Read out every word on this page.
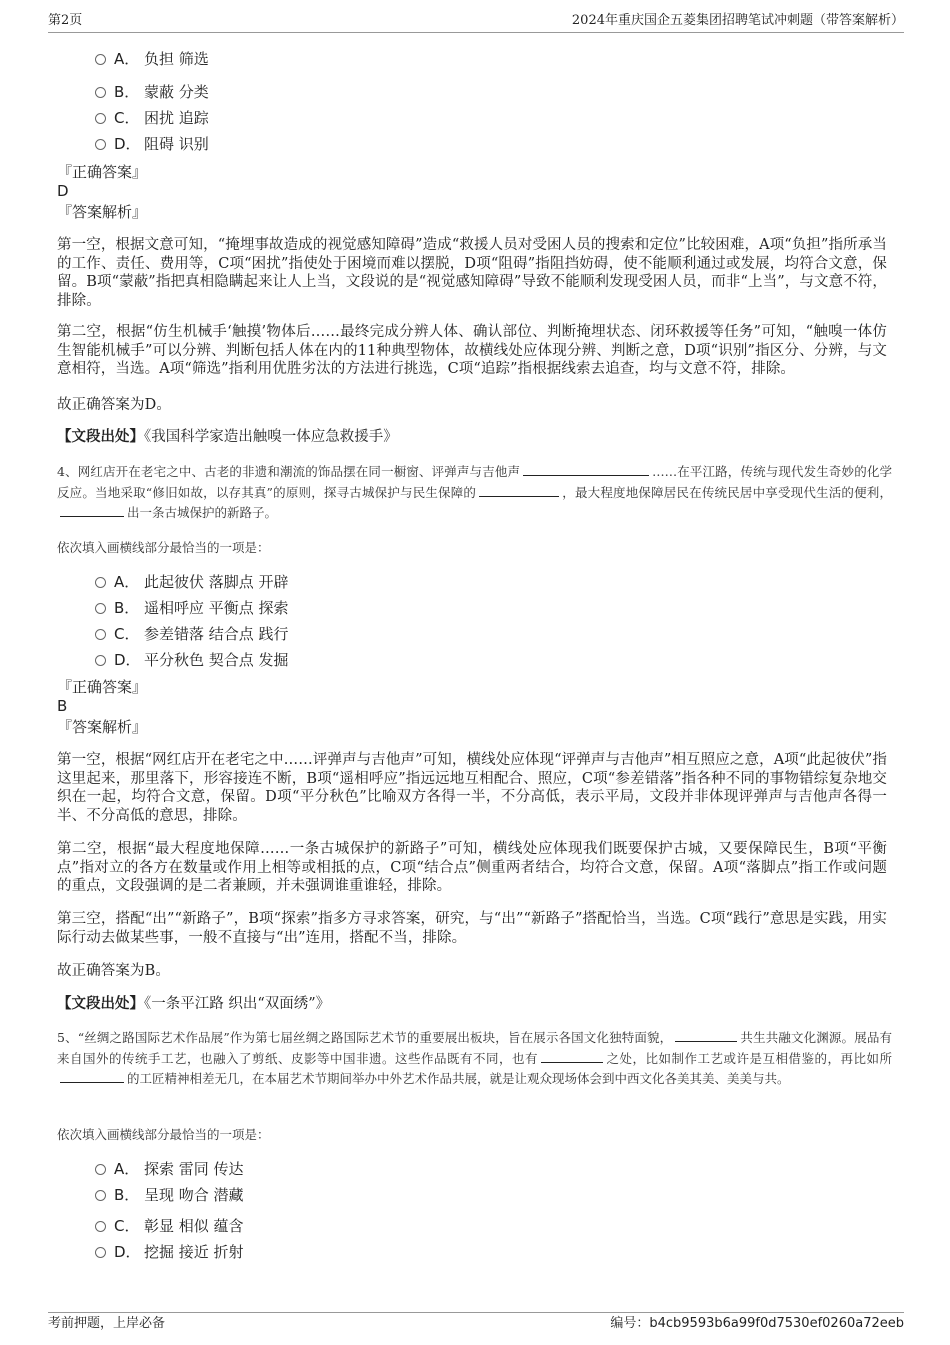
第2页	2024年重庆国企五菱集团招聘笔试冲刺题（带答案解析）
A． 负担 筛选
B． 蒙蔽 分类
C． 困扰 追踪
D． 阻碍 识别
『正确答案』
D
『答案解析』
第一空，根据文意可知，“掩埋事故造成的视觉感知障碍”造成“救援人员对受困人员的搜索和定位”比较困难，A项“负担”指所承当的工作、责任、费用等，C项“困扰”指使处于困境而难以摆脱，D项“阻碍”指阻挡妨碍，使不能顺利通过或发展，均符合文意，保留。B项“蒙蔽”指把真相隐瞒起来让人上当，文段说的是“视觉感知障碍”导致不能顺利发现受困人员，而非“上当”，与文意不符，排除。
第二空，根据“仿生机械手‘触摸’物体后……最终完成分辨人体、确认部位、判断掩埋状态、闭环救援等任务”可知，“触嗅一体仿生智能机械手”可以分辨、判断包括人体在内的11种典型物体，故横线处应体现分辨、判断之意，D项“识别”指区分、分辨，与文意相符，当选。A项“筛选”指利用优胜劣汰的方法进行挑选，C项“追踪”指根据线索去追查，均与文意不符，排除。
故正确答案为D。
【文段出处】《我国科学家造出触嗅一体应急救援手》
4、网红店开在老宅之中、古老的非遗和潮流的饰品摆在同一橱窗、评弹声与吉他声	……在平江路，传统与现代发生奇妙的化学反应。当地采取“修旧如故，以存其真”的原则，探寻古城保护与民生保障的	，最大程度地保障居民在传统民居中享受现代生活的便利，出一条古城保护的新路子。
依次填入画横线部分最恰当的一项是：
A． 此起彼伏 落脚点 开辟
B． 遥相呼应 平衡点 探索
C． 参差错落 结合点 践行
D． 平分秋色 契合点 发掘
『正确答案』
B
『答案解析』
第一空，根据“网红店开在老宅之中……评弹声与吉他声”可知，横线处应体现“评弹声与吉他声”相互照应之意，A项“此起彼伏”指这里起来，那里落下，形容接连不断，B项“遥相呼应”指远远地互相配合、照应，C项“参差错落”指各种不同的事物错综复杂地交织在一起，均符合文意，保留。D项“平分秋色”比喻双方各得一半，不分高低，表示平局，文段并非体现评弹声与吉他声各得一半、不分高低的意思，排除。
第二空，根据“最大程度地保障……一条古城保护的新路子”可知，横线处应体现我们既要保护古城，又要保障民生，B项“平衡点”指对立的各方在数量或作用上相等或相抵的点，C项“结合点”侧重两者结合，均符合文意，保留。A项“落脚点”指工作或问题的重点，文段强调的是二者兼顾，并未强调谁重谁轻，排除。
第三空，搭配“出”“新路子”，B项“探索”指多方寻求答案，研究，与“出”“新路子”搭配恰当，当选。C项“践行”意思是实践，用实际行动去做某些事，一般不直接与“出”连用，搭配不当，排除。
故正确答案为B。
【文段出处】《一条平江路 织出“双面绣”》
5、“丝绸之路国际艺术作品展”作为第七届丝绸之路国际艺术节的重要展出板块，旨在展示各国文化独特面貌，	共生共融文化渊源。展品有来自国外的传统手工艺，也融入了剪纸、皮影等中国非遗。这些作品既有不同，也有	之处，比如制作工艺或许是互相借鉴的，再比如所的工匠精神相差无几，在本届艺术节期间举办中外艺术作品共展，就是让观众现场体会到中西文化各美其美、美美与共。
依次填入画横线部分最恰当的一项是：
A． 探索 雷同 传达
B． 呈现 吻合 潜藏
C． 彰显 相似 蕴含
D． 挖掘 接近 折射
考前押题，上岸必备	编号：b4cb9593b6a99f0d7530ef0260a72eeb
